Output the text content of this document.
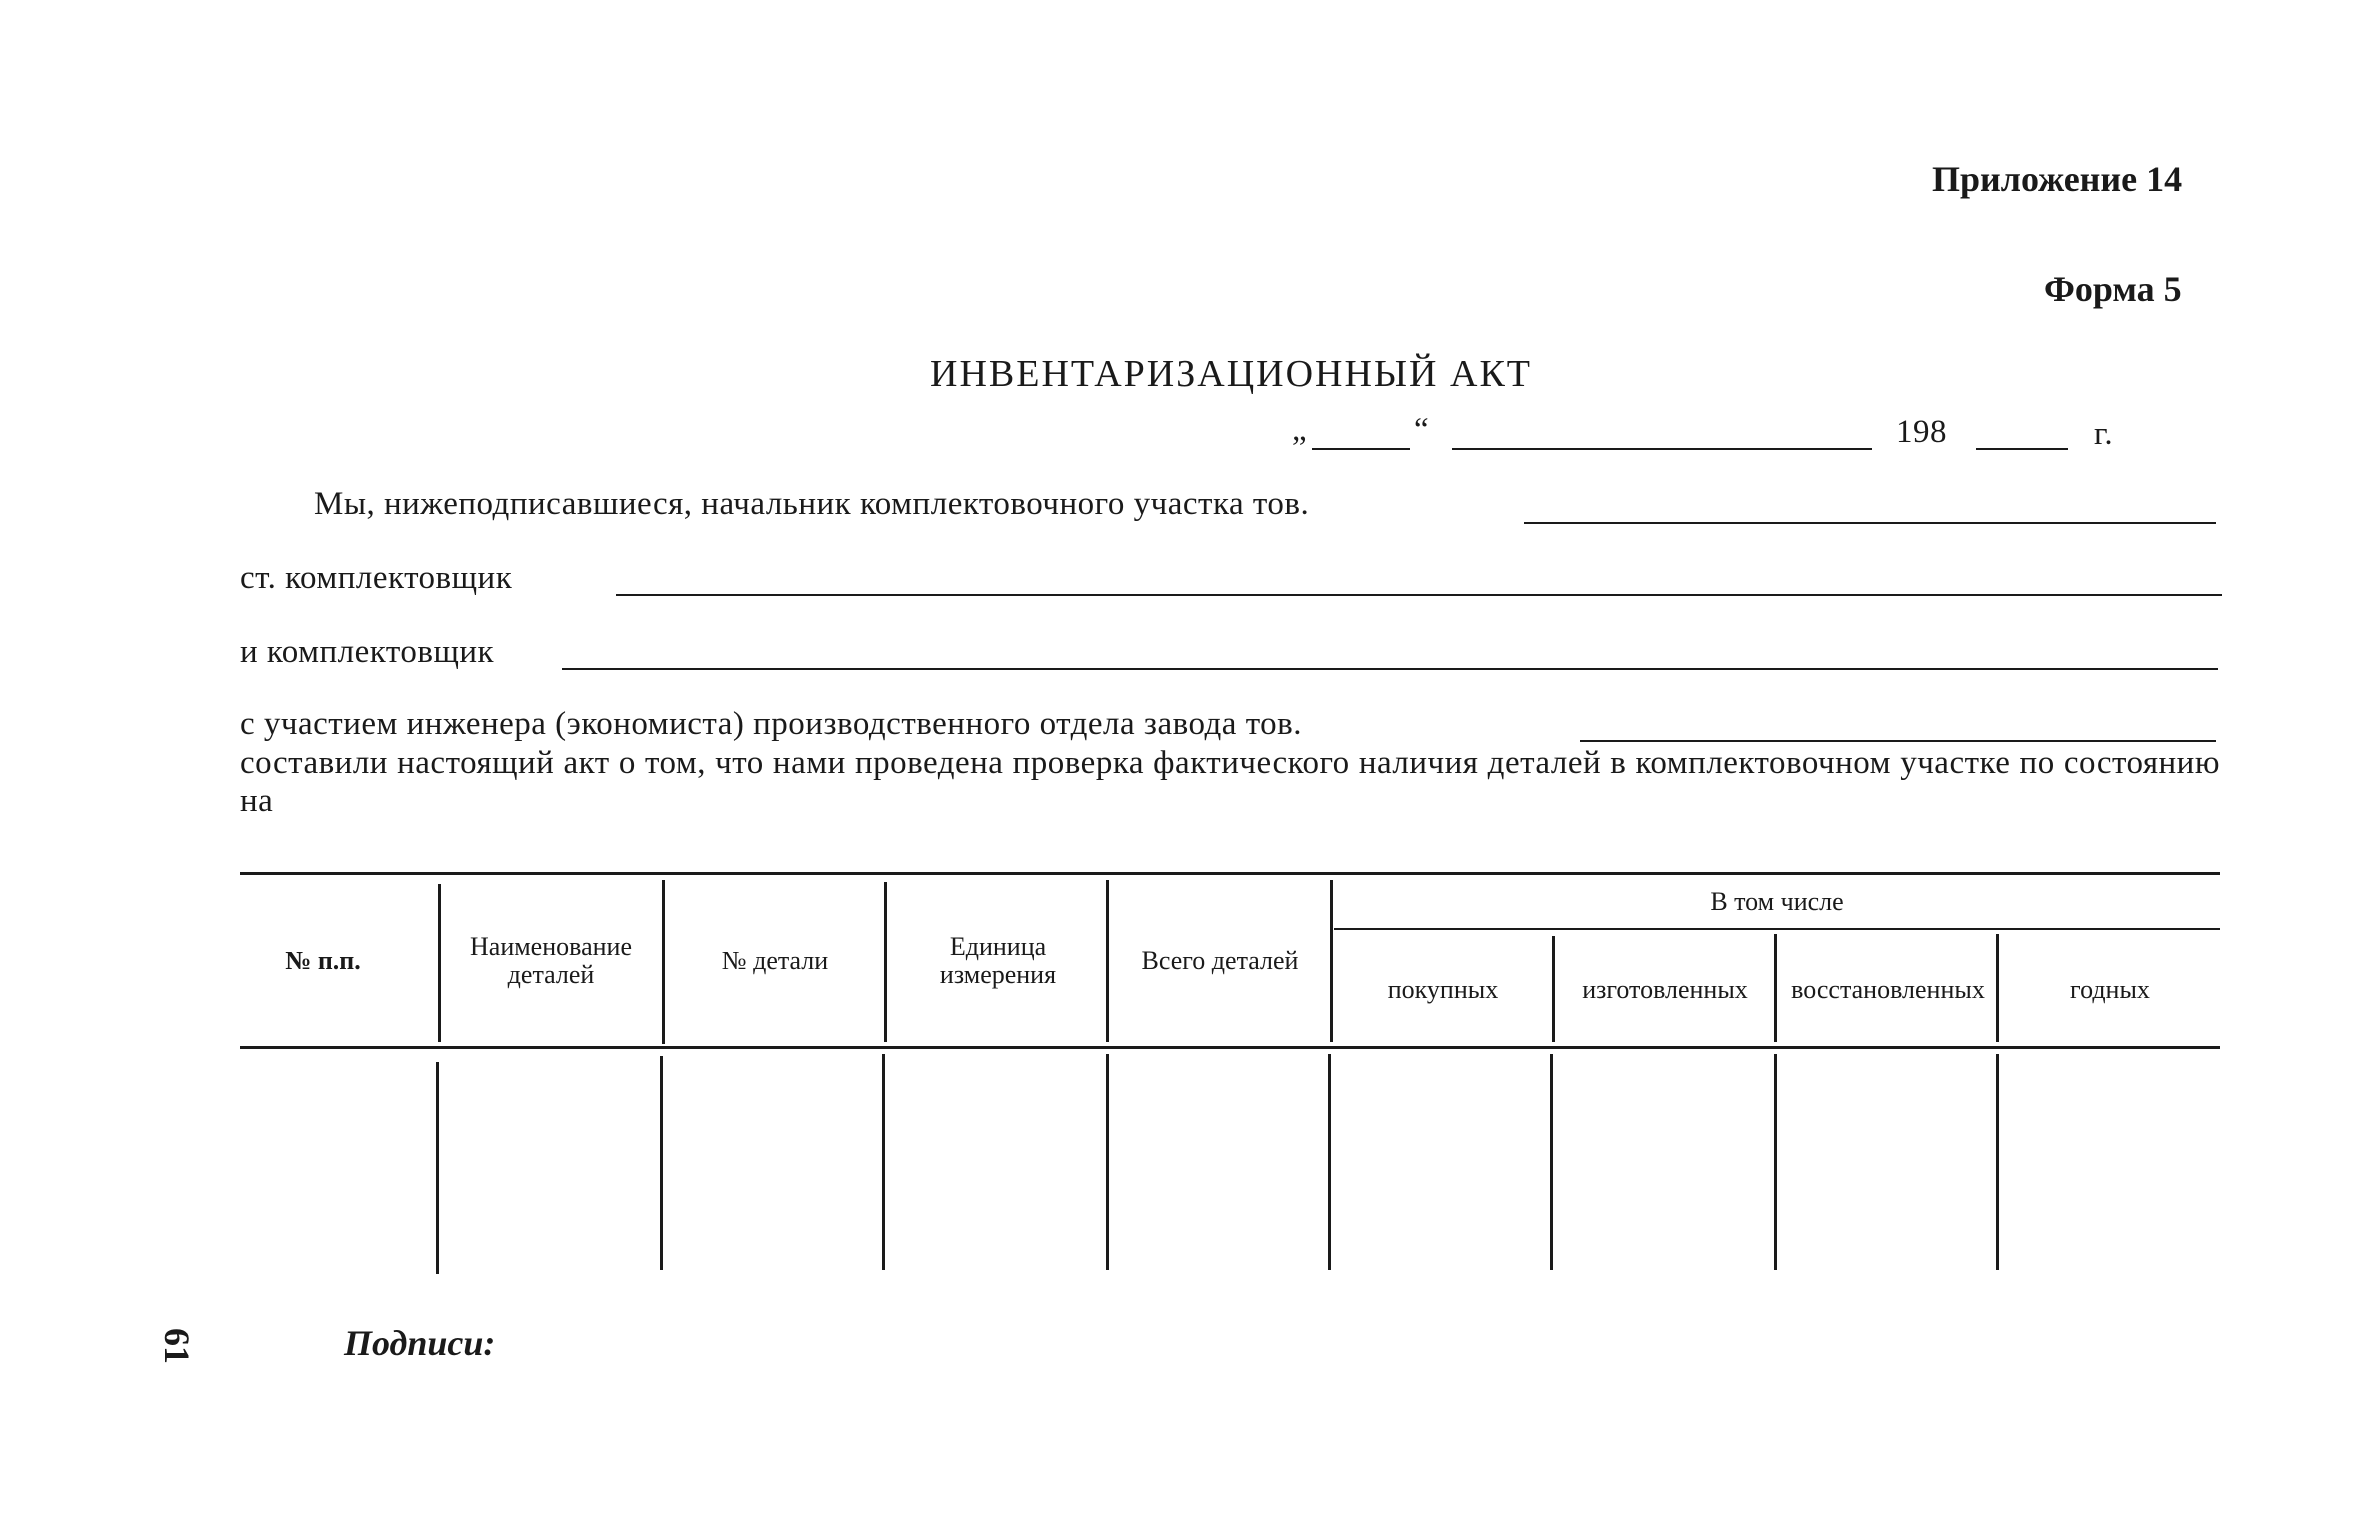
Приложение 14
Форма 5
ИНВЕНТАРИЗАЦИОННЫЙ АКТ
„	“	198	г.
Мы, нижеподписавшиеся, начальник комплектовочного участка тов.
ст. комплектовщик
и комплектовщик
с участием инженера (экономиста) производственного отдела завода тов.
составили настоящий акт о том, что нами проведена проверка фактического наличия деталей в комплектовочном участке по состоянию на
№ п.п.	Наименование деталей	№ детали	Единица измерения	Всего деталей
В том числе
покупных	изготовленных	восстановленных	годных
Подписи:
61
